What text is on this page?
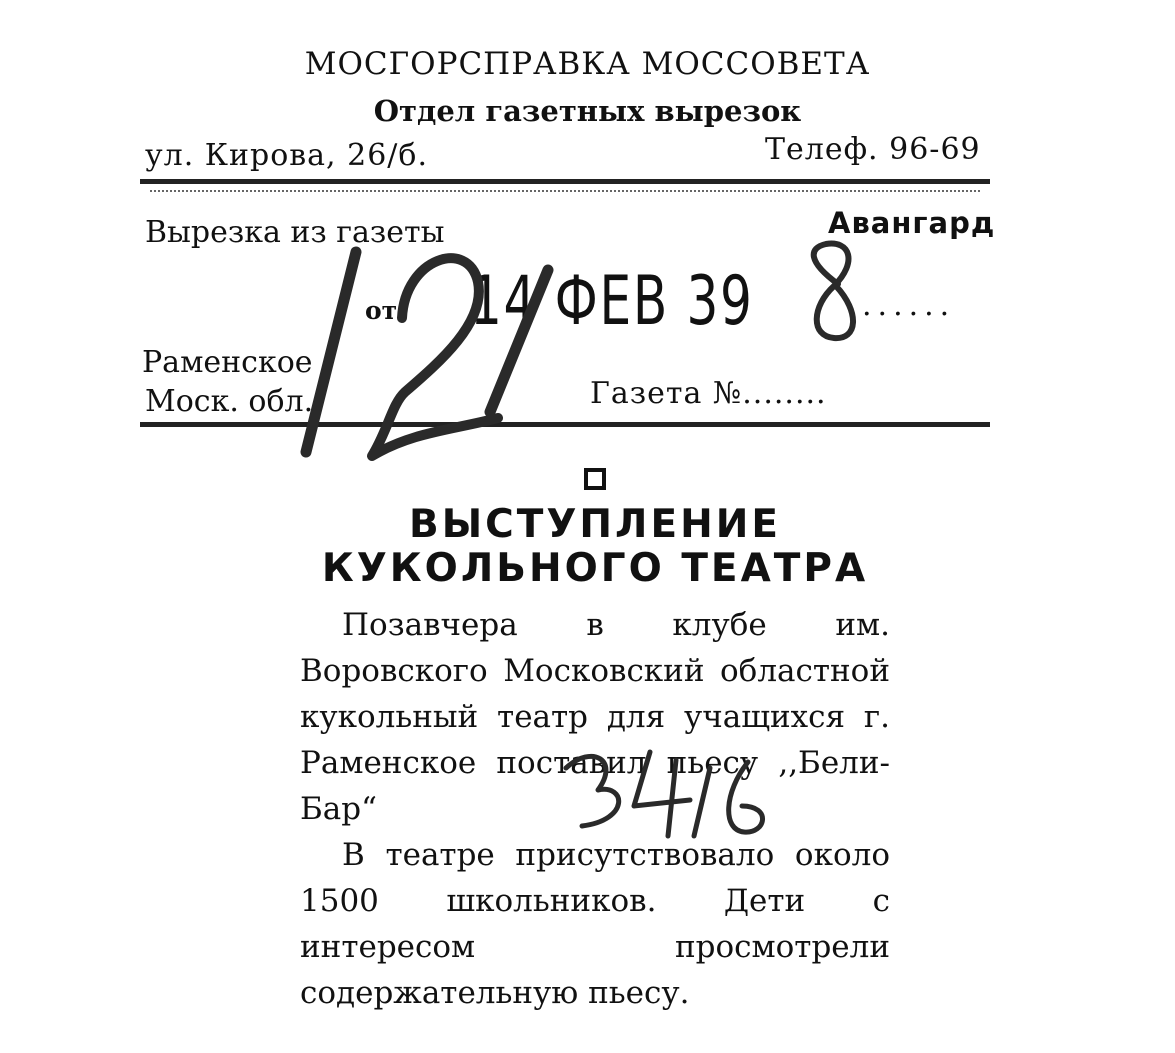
МОСГОРСПРАВКА МОССОВЕТА
Отдел газетных вырезок
ул. Кирова, 26/б.	Телеф. 96-69
Вырезка из газеты	Авангард
от 14 ФЕВ 39	......
Раменское
Моск. обл.	Газета №........
ВЫСТУПЛЕНИЕ
КУКОЛЬНОГО ТЕАТРА

Позавчера в клубе им. Воровского Московский областной кукольный театр для учащихся г. Раменское поставил пьесу ,,Бели-Бар“

В театре присутствовало около 1500 школьников. Дети с интересом просмотрели содержательную пьесу.

3416
12
8
